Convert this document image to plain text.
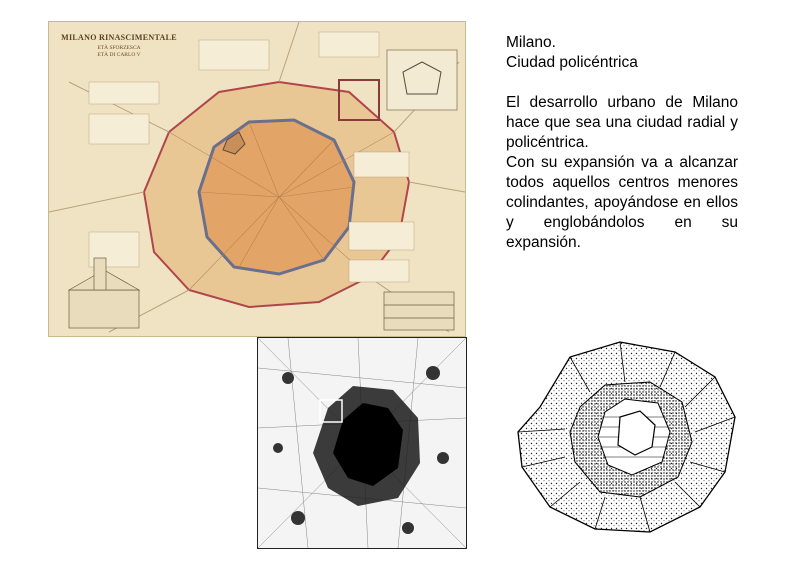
MILANO RINASCIMENTALE
ETÀ SFORZESCA
ETÀ DI CARLO V

Milano.

Ciudad policéntrica

El desarrollo urbano de Milano hace que sea una ciudad radial y policéntrica.

Con su expansión va a alcanzar todos aquellos centros menores colindantes, apoyándose en ellos y englobándolos en su expansión.
